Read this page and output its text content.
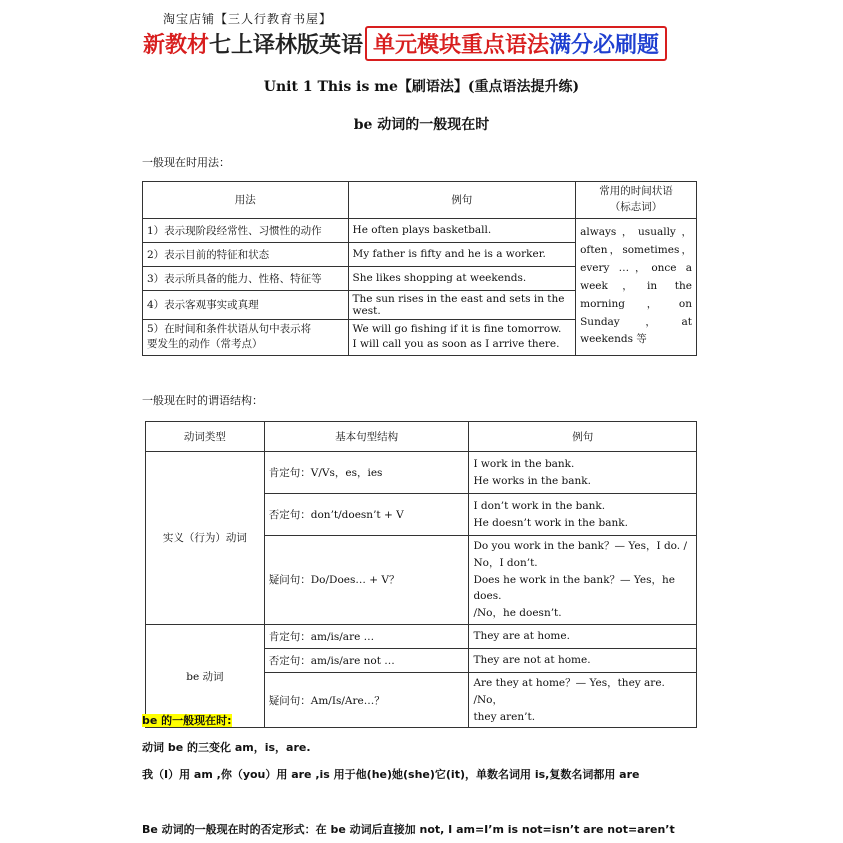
淘宝店铺【三人行教育书屋】
新教材 七上译林版英语 单元模块重点语法 满分必刷题
Unit 1 This is me【刷语法】(重点语法提升练)
be 动词的一般现在时
一般现在时用法：
用法	例句	常用的时间状语
（标志词）
1）表示现阶段经常性、习惯性的动作	He often plays basketball.	always，usually，often，sometimes，every …，once a week，in the morning，on Sunday，at weekends 等
2）表示目前的特征和状态	My father is fifty and he is a worker.	
3）表示所具备的能力、性格、特征等	She likes shopping at weekends.	
4）表示客观事实或真理	The sun rises in the east and sets in the west.	
5）在时间和条件状语从句中表示将
要发生的动作（常考点）	We will go fishing if it is fine tomorrow.
I will call you as soon as I arrive there.	
一般现在时的谓语结构：
动词类型	基本句型结构	例句
实义（行为）动词	肯定句：V/Vs，es，ies	I work in the bank.
He works in the bank.
	否定句：don’t/doesn’t + V	I don’t work in the bank.
He doesn’t work in the bank.
	疑问句：Do/Does… + V？	Do you work in the bank？— Yes，I do. /
No，I don’t.
Does he work in the bank？— Yes，he does.
/No，he doesn’t.
be 动词	肯定句：am/is/are …	They are at home.
	否定句：am/is/are not …	They are not at home.
	疑问句：Am/Is/Are…？	Are they at home？— Yes，they are. /No，
they aren’t.
be 的一般现在时:
动词 be 的三变化 am，is，are.
我（I）用 am ,你（you）用 are ,is 用于他(he)她(she)它(it)，单数名词用 is,复数名词都用 are
Be 动词的一般现在时的否定形式：在 be 动词后直接加 not, I am=I’m is not=isn’t are not=aren’t
